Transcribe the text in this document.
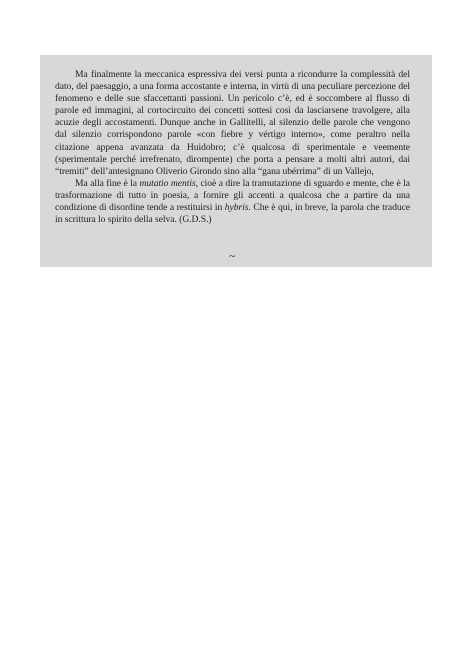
Ma finalmente la meccanica espressiva dei versi punta a ricondurre la complessità del dato, del paesaggio, a una forma accostante e interna, in virtù di una peculiare percezione del fenomeno e delle sue sfaccettanti passioni. Un pericolo c’è, ed è soccombere al flusso di parole ed immagini, al cortocircuito dei concetti sottesi così da lasciarsene travolgere, alla acuzie degli accostamenti. Dunque anche in Gallitelli, al silenzio delle parole che vengono dal silenzio corrispondono parole «con fiebre y vértigo interno», come peraltro nella citazione appena avanzata da Huidobro; c’è qualcosa di sperimentale e veemente (sperimentale perché irrefrenato, dirompente) che porta a pensare a molti altri autori, dai “tremiti” dell’antesignano Oliverio Girondo sino alla “gana ubérrima” di un Vallejo,

Ma alla fine è la mutatio mentis, cioè a dire la tramutazione di sguardo e mente, che è la trasformazione di tutto in poesia, a fornire gli accenti a qualcosa che a partire da una condizione di disordine tende a restituirsi in hybris. Che è qui, in breve, la parola che traduce in scrittura lo spirito della selva. (G.D.S.)

~
